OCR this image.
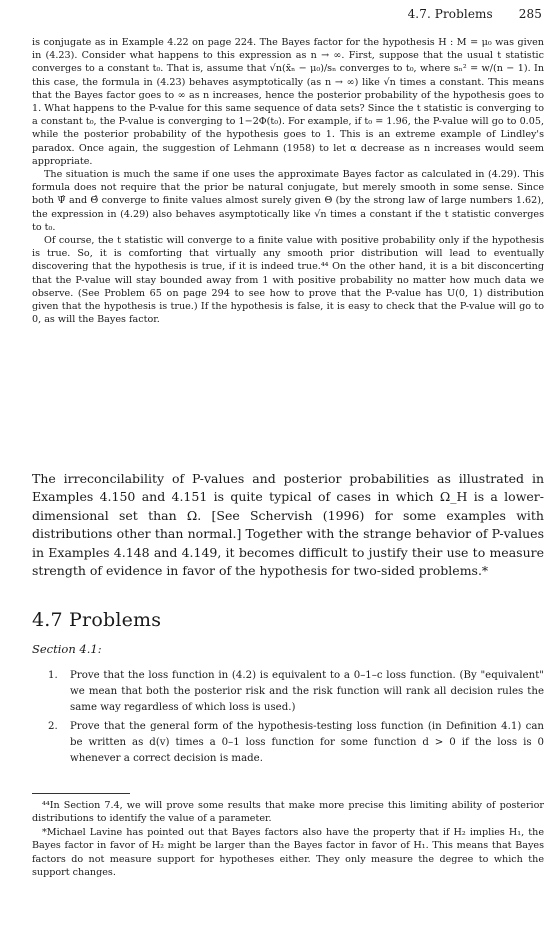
4.7. Problems 285

is conjugate as in Example 4.22 on page 224. The Bayes factor for the hypothesis H : M = μ₀ was given in (4.23). Consider what happens to this expression as n → ∞. First, suppose that the usual t statistic converges to a constant t₀. That is, assume that √n(x̄ₙ − μ₀)/sₙ converges to t₀, where sₙ² = w/(n − 1). In this case, the formula in (4.23) behaves asymptotically (as n → ∞) like √n times a constant. This means that the Bayes factor goes to ∞ as n increases, hence the posterior probability of the hypothesis goes to 1. What happens to the P-value for this same sequence of data sets? Since the t statistic is converging to a constant t₀, the P-value is converging to 1−2Φ(t₀). For example, if t₀ = 1.96, the P-value will go to 0.05, while the posterior probability of the hypothesis goes to 1. This is an extreme example of Lindley's paradox. Once again, the suggestion of Lehmann (1958) to let α decrease as n increases would seem appropriate.

The situation is much the same if one uses the approximate Bayes factor as calculated in (4.29). This formula does not require that the prior be natural conjugate, but merely smooth in some sense. Since both Ψ̂ and Θ̂ converge to finite values almost surely given Θ (by the strong law of large numbers 1.62), the expression in (4.29) also behaves asymptotically like √n times a constant if the t statistic converges to t₀.

Of course, the t statistic will converge to a finite value with positive probability only if the hypothesis is true. So, it is comforting that virtually any smooth prior distribution will lead to eventually discovering that the hypothesis is true, if it is indeed true.⁴⁴ On the other hand, it is a bit disconcerting that the P-value will stay bounded away from 1 with positive probability no matter how much data we observe. (See Problem 65 on page 294 to see how to prove that the P-value has U(0, 1) distribution given that the hypothesis is true.) If the hypothesis is false, it is easy to check that the P-value will go to 0, as will the Bayes factor.

The irreconcilability of P-values and posterior probabilities as illustrated in Examples 4.150 and 4.151 is quite typical of cases in which Ω_H is a lower-dimensional set than Ω. [See Schervish (1996) for some examples with distributions other than normal.] Together with the strange behavior of P-values in Examples 4.148 and 4.149, it becomes difficult to justify their use to measure strength of evidence in favor of the hypothesis for two-sided problems.*

4.7 Problems
Section 4.1:
1. Prove that the loss function in (4.2) is equivalent to a 0–1–c loss function. (By "equivalent" we mean that both the posterior risk and the risk function will rank all decision rules the same way regardless of which loss is used.)
2. Prove that the general form of the hypothesis-testing loss function (in Definition 4.1) can be written as d(v) times a 0–1 loss function for some function d > 0 if the loss is 0 whenever a correct decision is made.

⁴⁴In Section 7.4, we will prove some results that make more precise this limiting ability of posterior distributions to identify the value of a parameter.

*Michael Lavine has pointed out that Bayes factors also have the property that if H₂ implies H₁, the Bayes factor in favor of H₂ might be larger than the Bayes factor in favor of H₁. This means that Bayes factors do not measure support for hypotheses either. They only measure the degree to which the support changes.
